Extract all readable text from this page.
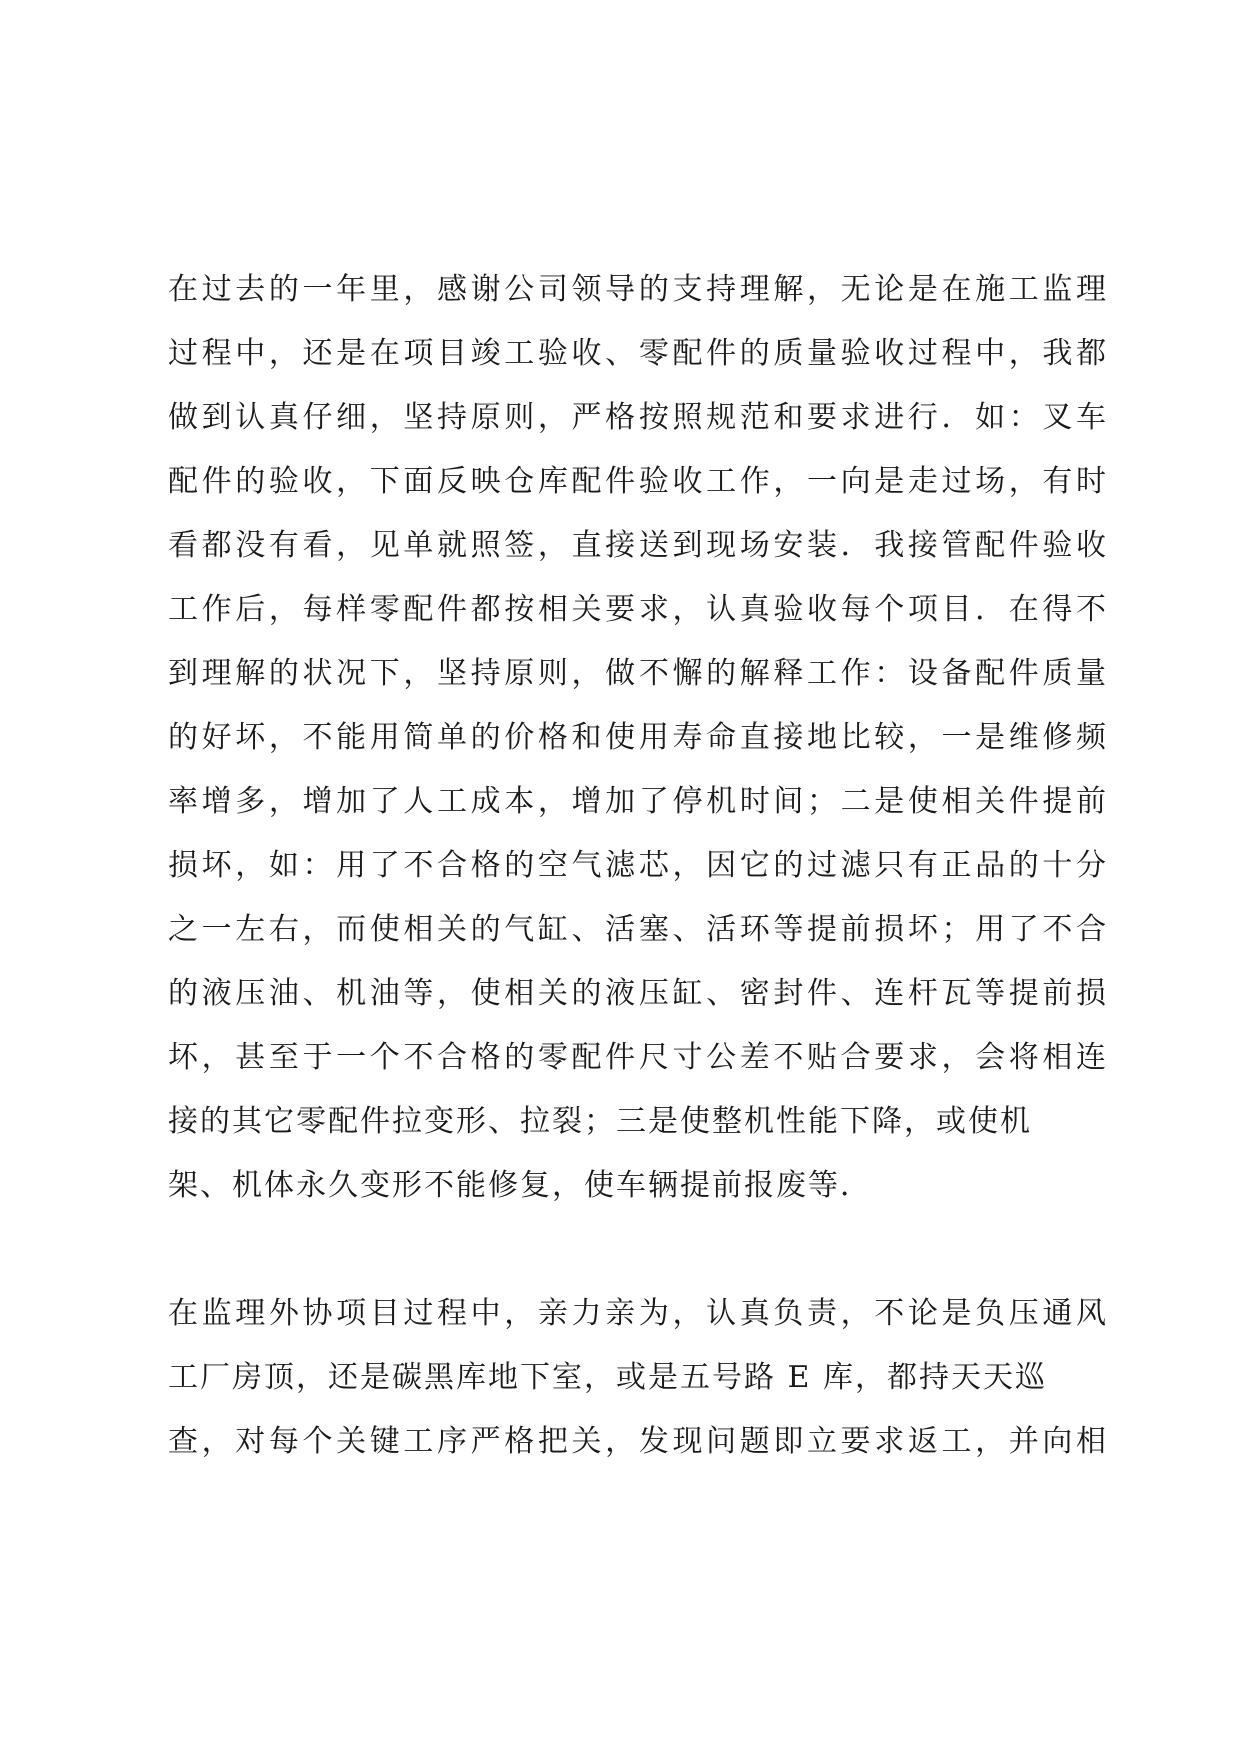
在过去的一年里，感谢公司领导的支持理解，无论是在施工监理
过程中，还是在项目竣工验收、零配件的质量验收过程中，我都
做到认真仔细，坚持原则，严格按照规范和要求进行．如：叉车
配件的验收，下面反映仓库配件验收工作，一向是走过场，有时
看都没有看，见单就照签，直接送到现场安装．我接管配件验收
工作后，每样零配件都按相关要求，认真验收每个项目．在得不
到理解的状况下，坚持原则，做不懈的解释工作：设备配件质量
的好坏，不能用简单的价格和使用寿命直接地比较，一是维修频
率增多，增加了人工成本，增加了停机时间；二是使相关件提前
损坏，如：用了不合格的空气滤芯，因它的过滤只有正品的十分
之一左右，而使相关的气缸、活塞、活环等提前损坏；用了不合
的液压油、机油等，使相关的液压缸、密封件、连杆瓦等提前损
坏，甚至于一个不合格的零配件尺寸公差不贴合要求，会将相连
接的其它零配件拉变形、拉裂；三是使整机性能下降，或使机
架、机体永久变形不能修复，使车辆提前报废等．
在监理外协项目过程中，亲力亲为，认真负责，不论是负压通风
工厂房顶，还是碳黑库地下室，或是五号路 E 库，都持天天巡
查，对每个关键工序严格把关，发现问题即立要求返工，并向相
